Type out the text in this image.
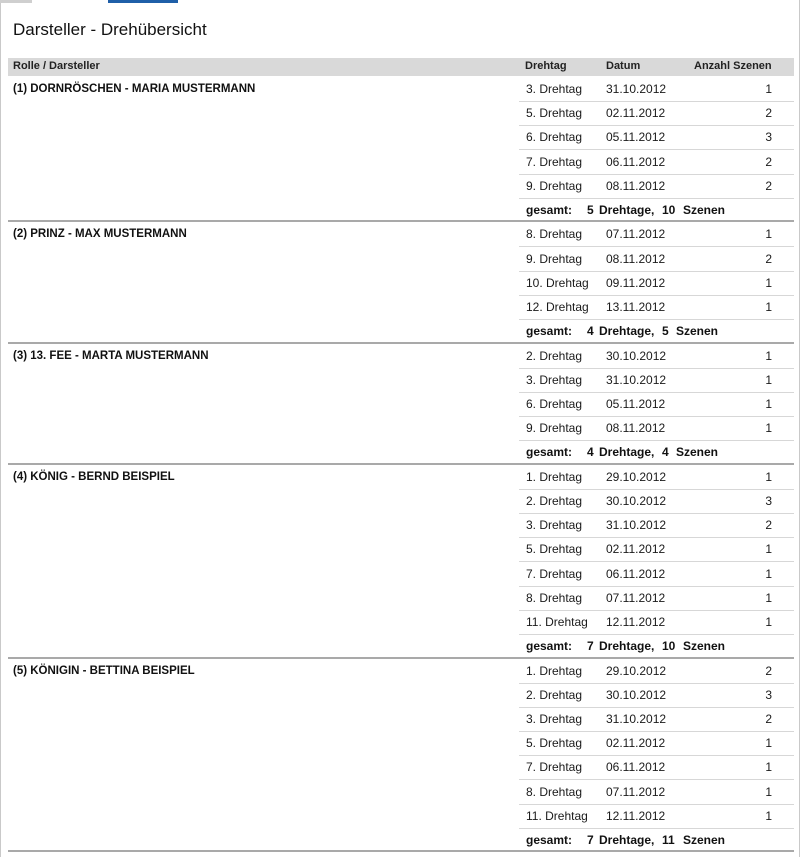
Darsteller - Drehübersicht
Rolle / Darsteller	Drehtag	Datum	Anzahl Szenen
(1) DORNRÖSCHEN - MARIA MUSTERMANN	3. Drehtag 31.10.2012	1
5. Drehtag 02.11.2012	2
6. Drehtag 05.11.2012	3
7. Drehtag 06.11.2012	2
9. Drehtag 08.11.2012	2
gesamt: 5 Drehtage, 10 Szenen
(2) PRINZ - MAX MUSTERMANN	8. Drehtag 07.11.2012	1
9. Drehtag 08.11.2012	2
10. Drehtag 09.11.2012	1
12. Drehtag 13.11.2012	1
gesamt: 4 Drehtage, 5 Szenen
(3) 13. FEE - MARTA MUSTERMANN	2. Drehtag 30.10.2012	1
3. Drehtag 31.10.2012	1
6. Drehtag 05.11.2012	1
9. Drehtag 08.11.2012	1
gesamt: 4 Drehtage, 4 Szenen
(4) KÖNIG - BERND BEISPIEL	1. Drehtag 29.10.2012	1
2. Drehtag 30.10.2012	3
3. Drehtag 31.10.2012	2
5. Drehtag 02.11.2012	1
7. Drehtag 06.11.2012	1
8. Drehtag 07.11.2012	1
11. Drehtag 12.11.2012	1
gesamt: 7 Drehtage, 10 Szenen
(5) KÖNIGIN - BETTINA BEISPIEL	1. Drehtag 29.10.2012	2
2. Drehtag 30.10.2012	3
3. Drehtag 31.10.2012	2
5. Drehtag 02.11.2012	1
7. Drehtag 06.11.2012	1
8. Drehtag 07.11.2012	1
11. Drehtag 12.11.2012	1
gesamt: 7 Drehtage, 11 Szenen
